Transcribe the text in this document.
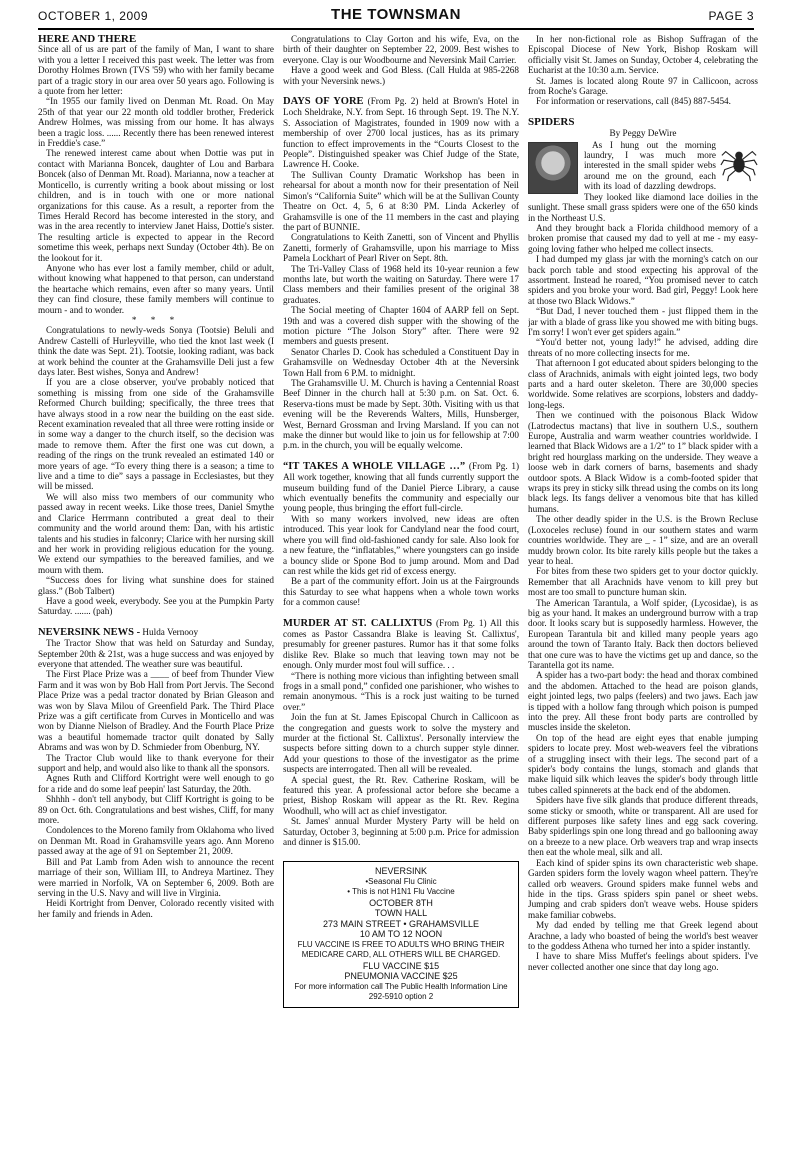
OCTOBER 1, 2009	THE TOWNSMAN	PAGE 3
HERE AND THERE

Since all of us are part of the family of Man, I want to share with you a letter I received this past week. The letter was from Dorothy Holmes Brown (TVS '59) who with her family became part of a tragic story in our area over 50 years ago. Following is a quote from her letter:

“In 1955 our family lived on Denman Mt. Road. On May 25th of that year our 22 month old toddler brother, Frederick Andrew Holmes, was missing from our home. It has always been a tragic loss. ...... Recently there has been renewed interest in Freddie's case.”

The renewed interest came about when Dottie was put in contact with Marianna Boncek, daughter of Lou and Barbara Boncek (also of Denman Mt. Road). Marianna, now a teacher at Monticello, is currently writing a book about missing or lost children, and is in touch with one or more national organizations for this cause. As a result, a reporter from the Times Herald Record has become interested in the story, and was in the area recently to interview Janet Haiss, Dottie's sister. The resulting article is expected to appear in the Record sometime this week, perhaps next Sunday (October 4th). Be on the lookout for it.

Anyone who has ever lost a family member, child or adult, without knowing what happened to that person, can understand the heartache which remains, even after so many years. Until they can find closure, these family members will continue to mourn - and to wonder.

* * *

Congratulations to newly-weds Sonya (Tootsie) Beluli and Andrew Castelli of Hurleyville, who tied the knot last week (I think the date was Sept. 21). Tootsie, looking radiant, was back at work behind the counter at the Grahamsville Deli just a few days later. Best wishes, Sonya and Andrew!

If you are a close observer, you've probably noticed that something is missing from one side of the Grahamsville Reformed Church building; specifically, the three trees that have always stood in a row near the building on the east side. Recent examination revealed that all three were rotting inside or in some way a danger to the church itself, so the decision was made to remove them. After the first one was cut down, a reading of the rings on the trunk revealed an estimated 140 or more years of age. “To every thing there is a season; a time to live and a time to die” says a passage in Ecclesiastes, but they will be missed.

We will also miss two members of our community who passed away in recent weeks. Like those trees, Daniel Smythe and Clarice Herrmann contributed a great deal to their community and the world around them: Dan, with his artistic talents and his studies in falconry; Clarice with her nursing skill and her work in providing religious education for the young. We extend our sympathies to the bereaved families, and we mourn with them.

“Success does for living what sunshine does for stained glass.” (Bob Talbert)

Have a good week, everybody. See you at the Pumpkin Party Saturday. ....... (pah)

NEVERSINK NEWS - Hulda Vernooy

The Tractor Show that was held on Saturday and Sunday, September 20th & 21st, was a huge success and was enjoyed by everyone that attended. The weather sure was beautiful.

The First Place Prize was a ____ of beef from Thunder View Farm and it was won by Bob Hall from Port Jervis. The Second Place Prize was a pedal tractor donated by Brian Gleason and was won by Slava Milou of Greenfield Park. The Third Place Prize was a gift certificate from Curves in Monticello and was won by Dianne Nielson of Bradley. And the Fourth Place Prize was a beautiful homemade tractor quilt donated by Sally Abrams and was won by D. Schmieder from Obenburg, NY.

The Tractor Club would like to thank everyone for their support and help, and would also like to thank all the sponsors.

Agnes Ruth and Clifford Kortright were well enough to go for a ride and do some leaf peepin' last Saturday, the 20th.

Shhhh - don't tell anybody, but Cliff Kortright is going to be 89 on Oct. 6th. Congratulations and best wishes, Cliff, for many more.

Condolences to the Moreno family from Oklahoma who lived on Denman Mt. Road in Grahamsville years ago. Ann Moreno passed away at the age of 91 on September 21, 2009.

Bill and Pat Lamb from Aden wish to announce the recent marriage of their son, William III, to Andreya Martinez. They were married in Norfolk, VA on September 6, 2009. Both are serving in the U.S. Navy and will live in Virginia.

Heidi Kortright from Denver, Colorado recently visited with her family and friends in Aden.

Congratulations to Clay Gorton and his wife, Eva, on the birth of their daughter on September 22, 2009. Best wishes to everyone. Clay is our Woodbourne and Neversink Mail Carrier.

Have a good week and God Bless. (Call Hulda at 985-2268 with your Neversink news.)

DAYS OF YORE (From Pg. 2) held at Brown's Hotel in Loch Sheldrake, N.Y. from Sept. 16 through Sept. 19. The N.Y. S. Association of Magistrates, founded in 1909 now with a membership of over 2700 local justices, has as its primary function to effect improvements in the “Courts Closest to the People”. Distinguished speaker was Chief Judge of the State, Lawrence H. Cooke.

The Sullivan County Dramatic Workshop has been in rehearsal for about a month now for their presentation of Neil Simon's “California Suite” which will be at the Sullivan County Theatre on Oct. 4, 5, 6 at 8:30 PM. Linda Ackerley of Grahamsville is one of the 11 members in the cast and playing the part of BUNNIE.

Congratulations to Keith Zanetti, son of Vincent and Phyllis Zanetti, formerly of Grahamsville, upon his marriage to Miss Pamela Lockhart of Pearl River on Sept. 8th.

The Tri-Valley Class of 1968 held its 10-year reunion a few months late, but worth the waiting on Saturday. There were 17 Class members and their families present of the original 38 graduates.

The Social meeting of Chapter 1604 of AARP fell on Sept. 19th and was a covered dish supper with the showing of the motion picture “The Jolson Story” after. There were 92 members and guests present.

Senator Charles D. Cook has scheduled a Constituent Day in Grahamsville on Wednesday October 4th at the Neversink Town Hall from 6 P.M. to midnight.

The Grahamsville U. M. Church is having a Centennial Roast Beef Dinner in the church hall at 5:30 p.m. on Sat. Oct. 6. Reserva-tions must be made by Sept. 30th. Visiting with us that evening will be the Reverends Walters, Mills, Hunsberger, West, Bernard Grossman and Irving Marsland. If you can not make the dinner but would like to join us for fellowship at 7:00 p.m. in the church, you will be equally welcome.

“IT TAKES A WHOLE VILLAGE …” (From Pg. 1) All work together, knowing that all funds currently support the museum building fund of the Daniel Pierce Library, a cause which eventually benefits the community and especially our young people, thus bringing the effort full-circle.

With so many workers involved, new ideas are often introduced. This year look for Candyland near the food court, where you will find old-fashioned candy for sale. Also look for a new feature, the “inflatables,” where youngsters can go inside a bouncy slide or Spone Bod to jump around. Mom and Dad can rest while the kids get rid of excess energy.

Be a part of the community effort. Join us at the Fairgrounds this Saturday to see what happens when a whole town works for a common cause!

MURDER AT ST. CALLIXTUS (From Pg. 1) All this comes as Pastor Cassandra Blake is leaving St. Callixtus', presumably for greener pastures. Rumor has it that some folks dislike Rev. Blake so much that leaving town may not be enough. Only murder most foul will suffice. . .

“There is nothing more vicious than infighting between small frogs in a small pond,” confided one parishioner, who wishes to remain anonymous. “This is a rock just waiting to be turned over.”

Join the fun at St. James Episcopal Church in Callicoon as the congregation and guests work to solve the mystery and murder at the fictional St. Callixtus'. Personally interview the suspects before sitting down to a church supper style dinner. Add your questions to those of the investigator as the prime suspects are interrogated. Then all will be revealed.

A special guest, the Rt. Rev. Catherine Roskam, will be featured this year. A professional actor before she became a priest, Bishop Roskam will appear as the Rt. Rev. Regina Woodhull, who will act as chief investigator.

St. James' annual Murder Mystery Party will be held on Saturday, October 3, beginning at 5:00 p.m. Price for admission and dinner is $15.00.

NEVERSINK
•Seasonal Flu Clinic
• This is not H1N1 Flu Vaccine
OCTOBER 8TH
TOWN HALL
273 MAIN STREET • GRAHAMSVILLE
10 AM TO 12 NOON
FLU VACCINE IS FREE TO ADULTS WHO BRING THEIR MEDICARE CARD, ALL OTHERS WILL BE CHARGED.
FLU VACCINE $15
PNEUMONIA VACCINE $25
For more information call The Public Health Information Line 292-5910 option 2

In her non-fictional role as Bishop Suffragan of the Episcopal Diocese of New York, Bishop Roskam will officially visit St. James on Sunday, October 4, celebrating the Eucharist at the 10:30 a.m. Service.

St. James is located along Route 97 in Callicoon, across from Roche's Garage.

For information or reservations, call (845) 887-5454.

SPIDERS
By Peggy DeWire

As I hung out the morning laundry, I was much more interested in the small spider webs around me on the ground, each with its load of dazzling dewdrops. They looked like diamond lace doilies in the sunlight. These small grass spiders were one of the 650 kinds in the Northeast U.S.

And they brought back a Florida childhood memory of a broken promise that caused my dad to yell at me - my easy-going loving father who helped me collect insects.

I had dumped my glass jar with the morning's catch on our back porch table and stood expecting his approval of the assortment. Instead he roared, “You promised never to catch spiders and you broke your word. Bad girl, Peggy! Look here at those two Black Widows.”

“But Dad, I never touched them - just flipped them in the jar with a blade of grass like you showed me with biting bugs. I'm sorry! I won't ever get spiders again.”

“You'd better not, young lady!” he advised, adding dire threats of no more collecting insects for me.

That afternoon I got educated about spiders belonging to the class of Arachnids, animals with eight jointed legs, two body parts and a hard outer skeleton. There are 30,000 species worldwide. Some relatives are scorpions, lobsters and daddy-long-legs.

Then we continued with the poisonous Black Widow (Latrodectus mactans) that live in southern U.S., southern Europe, Australia and warm weather countries worldwide. I learned that Black Widows are a 1/2” to 1” black spider with a bright red hourglass marking on the underside. They weave a loose web in dark corners of barns, basements and shady outdoor spots. A Black Widow is a comb-footed spider that wraps its prey in sticky silk thread using the combs on its long black legs. Its fangs deliver a venomous bite that has killed humans.

The other deadly spider in the U.S. is the Brown Recluse (Loxoceles recluse) found in our southern states and warm countries worldwide. They are _ - 1” size, and are an overall muddy brown color. Its bite rarely kills people but the takes a year to heal.

For bites from these two spiders get to your doctor quickly. Remember that all Arachnids have venom to kill prey but most are too small to puncture human skin.

The American Tarantula, a Wolf spider, (Lycosidae), is as big as your hand. It makes an underground burrow with a trap door. It looks scary but is supposedly harmless. However, the European Tarantula bit and killed many people years ago around the town of Taranto Italy. Back then doctors believed that one cure was to have the victims get up and dance, so the Tarantella got its name.

A spider has a two-part body: the head and thorax combined and the abdomen. Attached to the head are poison glands, eight jointed legs, two palps (feelers) and two jaws. Each jaw is tipped with a hollow fang through which poison is pumped into the prey. All these front body parts are controlled by muscles inside the skeleton.

On top of the head are eight eyes that enable jumping spiders to locate prey. Most web-weavers feel the vibrations of a struggling insect with their legs. The second part of a spider's body contains the lungs, stomach and glands that make liquid silk which leaves the spider's body through little tubes called spinnerets at the back end of the abdomen.

Spiders have five silk glands that produce different threads, some sticky or smooth, white or transparent. All are used for different purposes like safety lines and egg sack covering. Baby spiderlings spin one long thread and go ballooning away on a breeze to a new place. Orb weavers trap and wrap insects then eat the whole meal, silk and all.

Each kind of spider spins its own characteristic web shape. Garden spiders form the lovely wagon wheel pattern. They're called orb weavers. Ground spiders make funnel webs and hide in the tips. Grass spiders spin panel or sheet webs. Jumping and crab spiders don't weave webs. House spiders make familiar cobwebs.

My dad ended by telling me that Greek legend about Arachne, a lady who boasted of being the world's best weaver to the goddess Athena who turned her into a spider instantly.

I have to share Miss Muffet's feelings about spiders. I've never collected another one since that day long ago.
